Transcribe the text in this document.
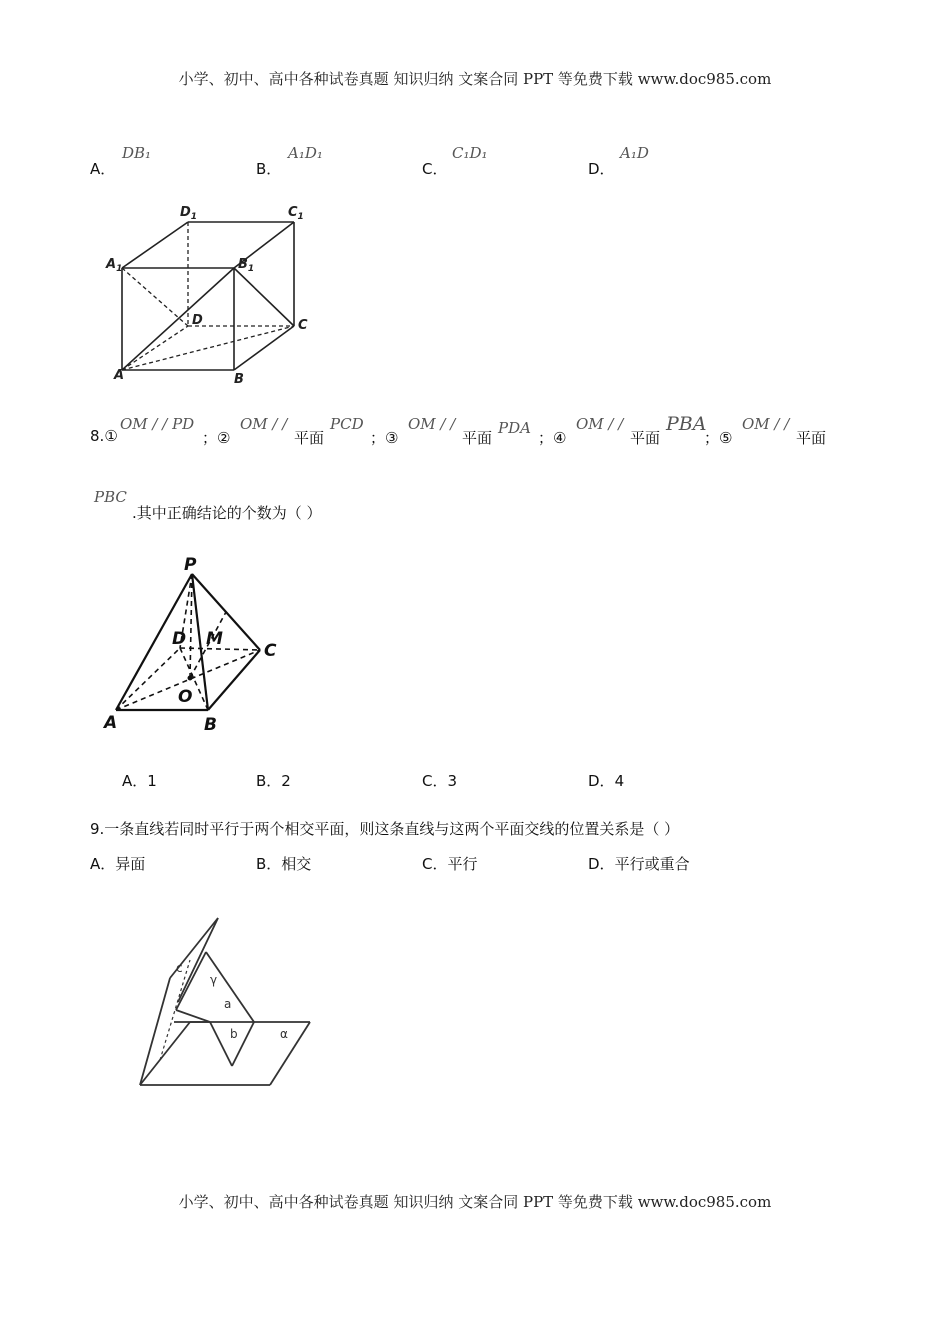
小学、初中、高中各种试卷真题 知识归纳 文案合同 PPT 等免费下载 www.doc985.com
A．
DB₁
B．
A₁D₁
C．
C₁D₁
D．
A₁D
$D_1$	$C_1$
$A_1$	$B_1$
D	C
A	B
8.①
OM / / PD
；②
OM / /
平面
PCD
；③
OM / /
平面
PDA
；④
OM / /
平面
PBA
；⑤
OM / /
平面
PBC
.其中正确结论的个数为（ ）
P
D M
C
O
A	B
A．1	B．2	C．3	D．4
9.一条直线若同时平行于两个相交平面，则这条直线与这两个平面交线的位置关系是（ ）
A．异面	B．相交	C．平行	D．平行或重合
γ
a
b	α
c
小学、初中、高中各种试卷真题 知识归纳 文案合同 PPT 等免费下载 www.doc985.com
